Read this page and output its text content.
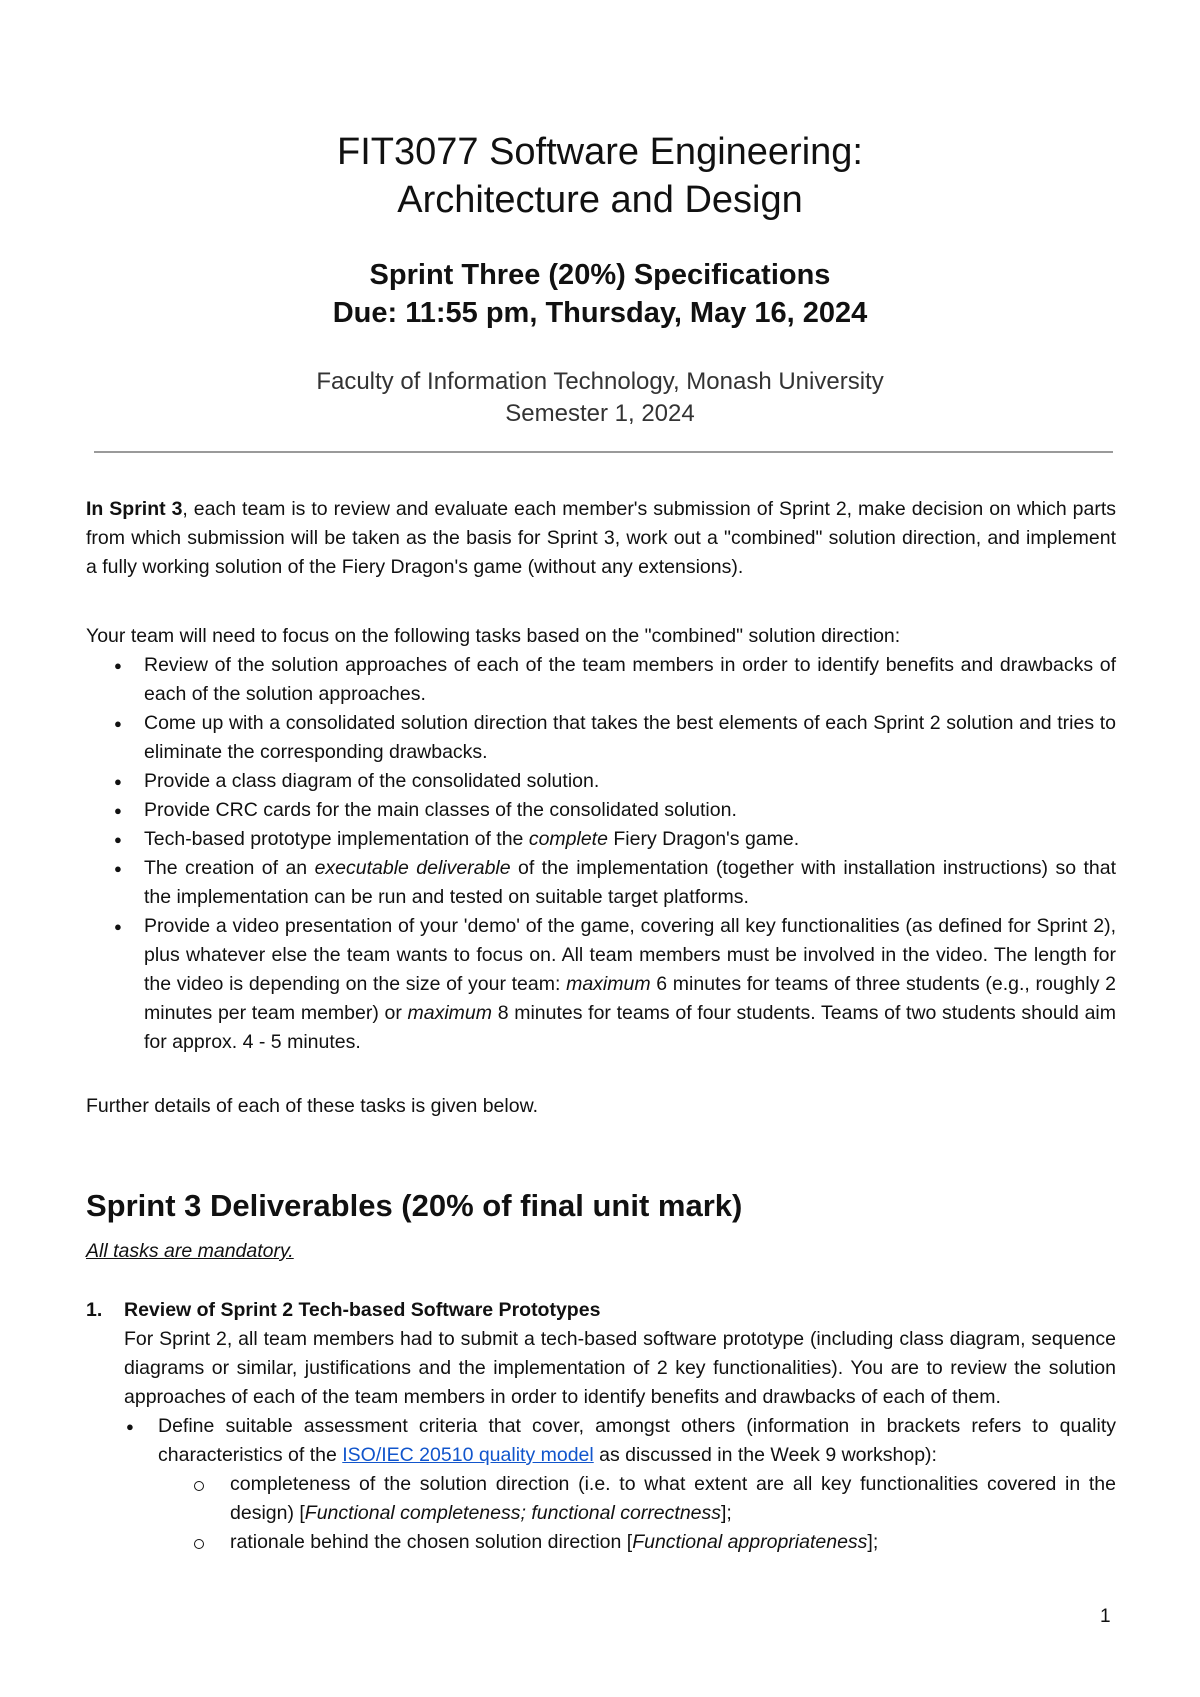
FIT3077 Software Engineering:
Architecture and Design
Sprint Three (20%) Specifications
Due: 11:55 pm, Thursday, May 16, 2024
Faculty of Information Technology, Monash University
Semester 1, 2024
In Sprint 3, each team is to review and evaluate each member's submission of Sprint 2, make decision on which parts from which submission will be taken as the basis for Sprint 3, work out a "combined" solution direction, and implement a fully working solution of the Fiery Dragon's game (without any extensions).
Your team will need to focus on the following tasks based on the "combined" solution direction:
● Review of the solution approaches of each of the team members in order to identify benefits and drawbacks of each of the solution approaches.
● Come up with a consolidated solution direction that takes the best elements of each Sprint 2 solution and tries to eliminate the corresponding drawbacks.
● Provide a class diagram of the consolidated solution.
● Provide CRC cards for the main classes of the consolidated solution.
● Tech-based prototype implementation of the complete Fiery Dragon's game.
● The creation of an executable deliverable of the implementation (together with installation instructions) so that the implementation can be run and tested on suitable target platforms.
● Provide a video presentation of your 'demo' of the game, covering all key functionalities (as defined for Sprint 2), plus whatever else the team wants to focus on. All team members must be involved in the video. The length for the video is depending on the size of your team: maximum 6 minutes for teams of three students (e.g., roughly 2 minutes per team member) or maximum 8 minutes for teams of four students. Teams of two students should aim for approx. 4 - 5 minutes.
Further details of each of these tasks is given below.
Sprint 3 Deliverables (20% of final unit mark)
All tasks are mandatory.
1. Review of Sprint 2 Tech-based Software Prototypes
For Sprint 2, all team members had to submit a tech-based software prototype (including class diagram, sequence diagrams or similar, justifications and the implementation of 2 key functionalities). You are to review the solution approaches of each of the team members in order to identify benefits and drawbacks of each of them.
● Define suitable assessment criteria that cover, amongst others (information in brackets refers to quality characteristics of the ISO/IEC 20510 quality model as discussed in the Week 9 workshop):
completeness of the solution direction (i.e. to what extent are all key functionalities covered in the design) [Functional completeness; functional correctness];
rationale behind the chosen solution direction [Functional appropriateness];
1
